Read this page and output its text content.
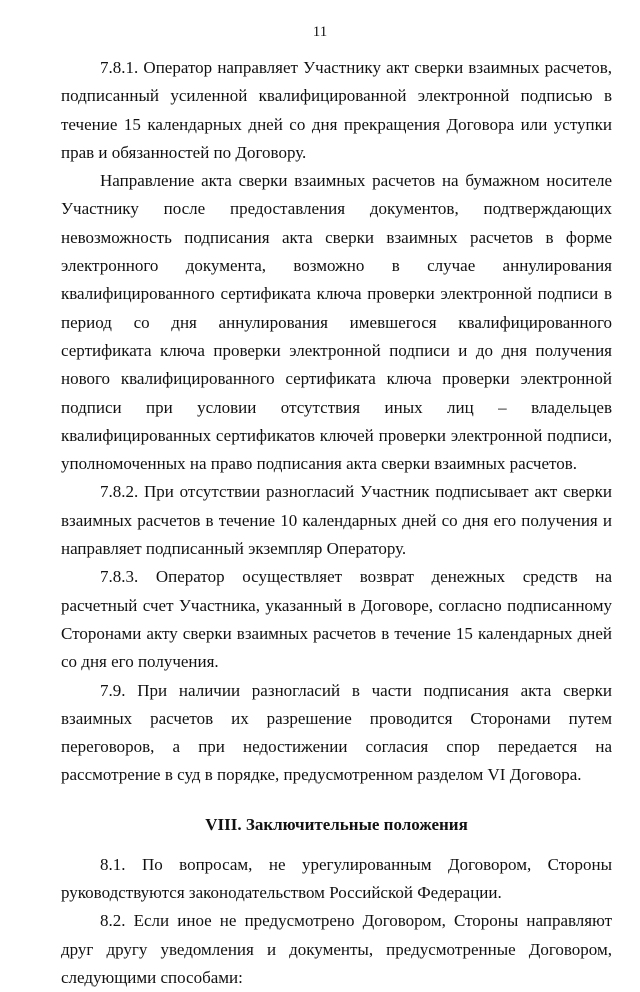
11

7.8.1. Оператор направляет Участнику акт сверки взаимных расчетов, подписанный усиленной квалифицированной электронной подписью в течение 15 календарных дней со дня прекращения Договора или уступки прав и обязанностей по Договору.

Направление акта сверки взаимных расчетов на бумажном носителе Участнику после предоставления документов, подтверждающих невозможность подписания акта сверки взаимных расчетов в форме электронного документа, возможно в случае аннулирования квалифицированного сертификата ключа проверки электронной подписи в период со дня аннулирования имевшегося квалифицированного сертификата ключа проверки электронной подписи и до дня получения нового квалифицированного сертификата ключа проверки электронной подписи при условии отсутствия иных лиц – владельцев квалифицированных сертификатов ключей проверки электронной подписи, уполномоченных на право подписания акта сверки взаимных расчетов.

7.8.2. При отсутствии разногласий Участник подписывает акт сверки взаимных расчетов в течение 10 календарных дней со дня его получения и направляет подписанный экземпляр Оператору.

7.8.3. Оператор осуществляет возврат денежных средств на расчетный счет Участника, указанный в Договоре, согласно подписанному Сторонами акту сверки взаимных расчетов в течение 15 календарных дней со дня его получения.

7.9. При наличии разногласий в части подписания акта сверки взаимных расчетов их разрешение проводится Сторонами путем переговоров, а при недостижении согласия спор передается на рассмотрение в суд в порядке, предусмотренном разделом VI Договора.

VIII. Заключительные положения

8.1. По вопросам, не урегулированным Договором, Стороны руководствуются законодательством Российской Федерации.

8.2. Если иное не предусмотрено Договором, Стороны направляют друг другу уведомления и документы, предусмотренные Договором, следующими способами:
